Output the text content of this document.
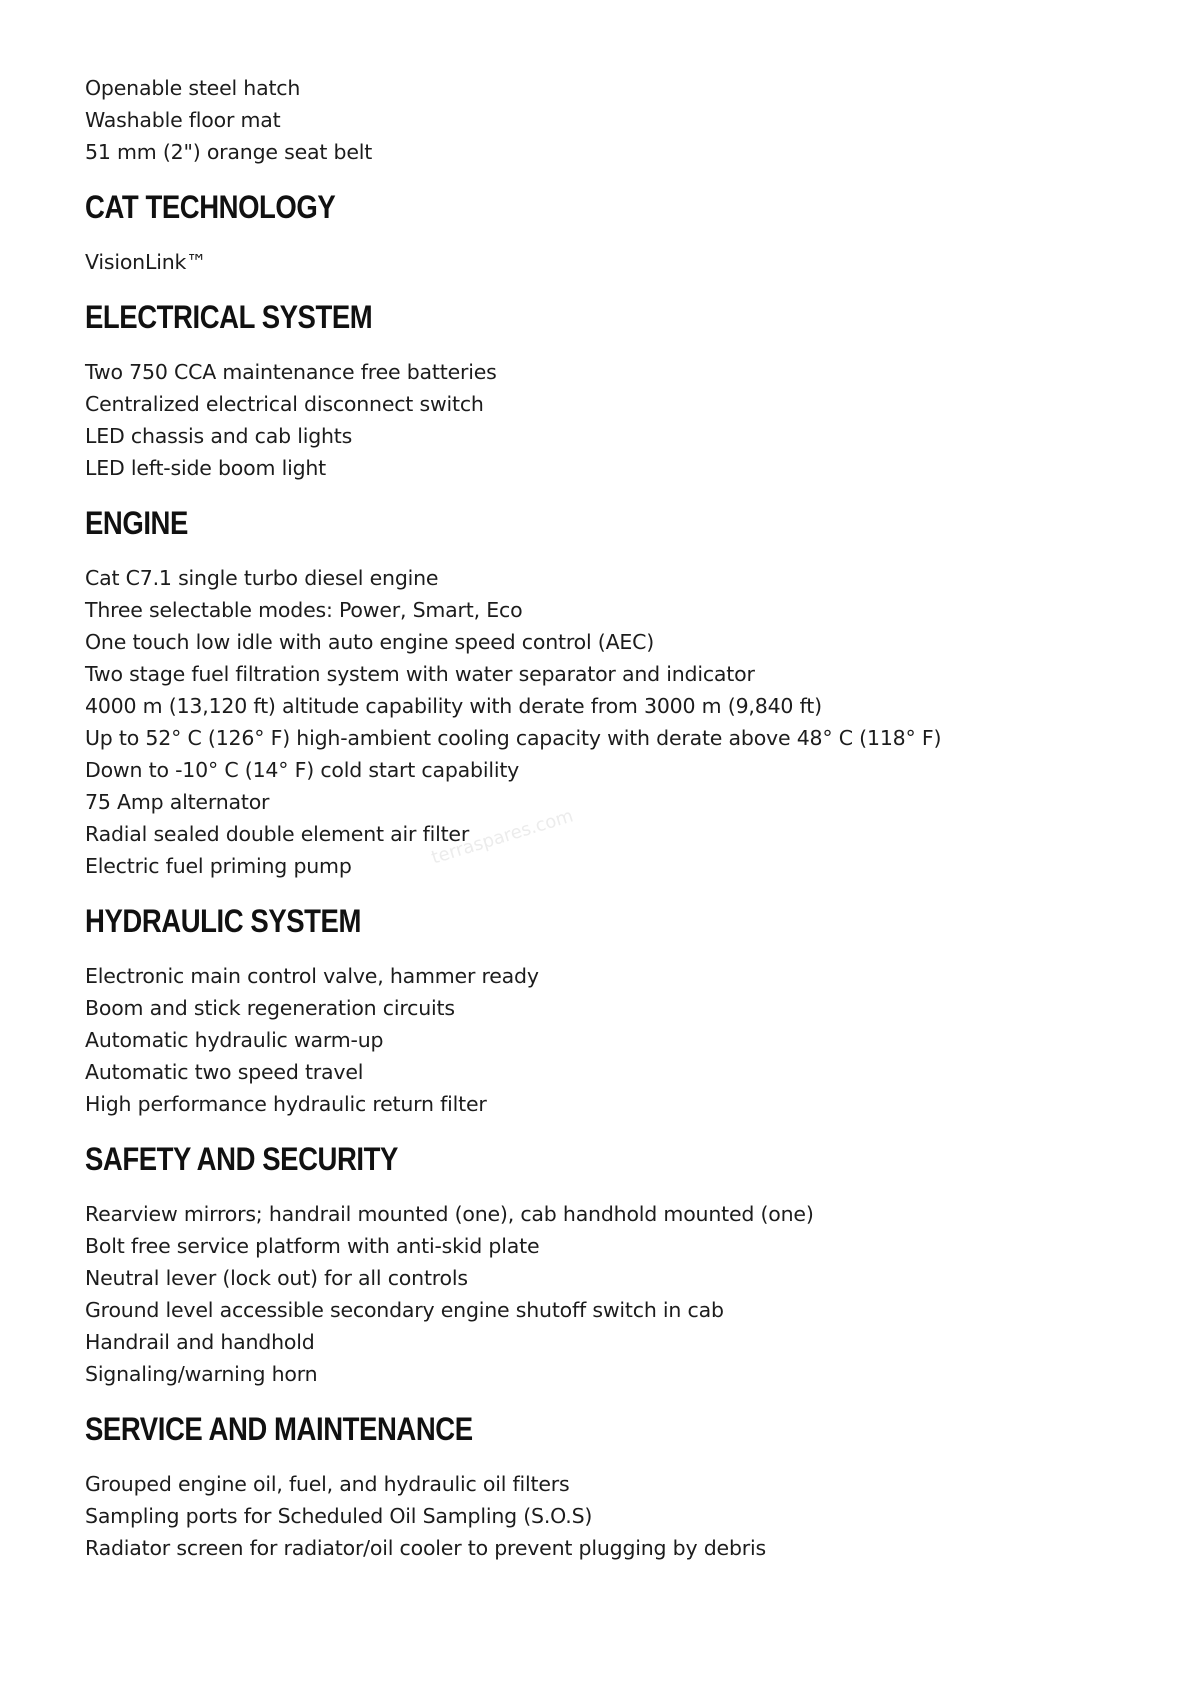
Openable steel hatch

Washable floor mat

51 mm (2") orange seat belt

CAT TECHNOLOGY

VisionLink™

ELECTRICAL SYSTEM

Two 750 CCA maintenance free batteries

Centralized electrical disconnect switch

LED chassis and cab lights

LED left-side boom light

ENGINE

Cat C7.1 single turbo diesel engine

Three selectable modes: Power, Smart, Eco

One touch low idle with auto engine speed control (AEC)

Two stage fuel filtration system with water separator and indicator

4000 m (13,120 ft) altitude capability with derate from 3000 m (9,840 ft)

Up to 52° C (126° F) high-ambient cooling capacity with derate above 48° C (118° F)

Down to -10° C (14° F) cold start capability

75 Amp alternator

Radial sealed double element air filter

Electric fuel priming pump

HYDRAULIC SYSTEM

Electronic main control valve, hammer ready

Boom and stick regeneration circuits

Automatic hydraulic warm-up

Automatic two speed travel

High performance hydraulic return filter

SAFETY AND SECURITY

Rearview mirrors; handrail mounted (one), cab handhold mounted (one)

Bolt free service platform with anti-skid plate

Neutral lever (lock out) for all controls

Ground level accessible secondary engine shutoff switch in cab

Handrail and handhold

Signaling/warning horn

SERVICE AND MAINTENANCE

Grouped engine oil, fuel, and hydraulic oil filters

Sampling ports for Scheduled Oil Sampling (S.O.S)

Radiator screen for radiator/oil cooler to prevent plugging by debris

terraspares.com
